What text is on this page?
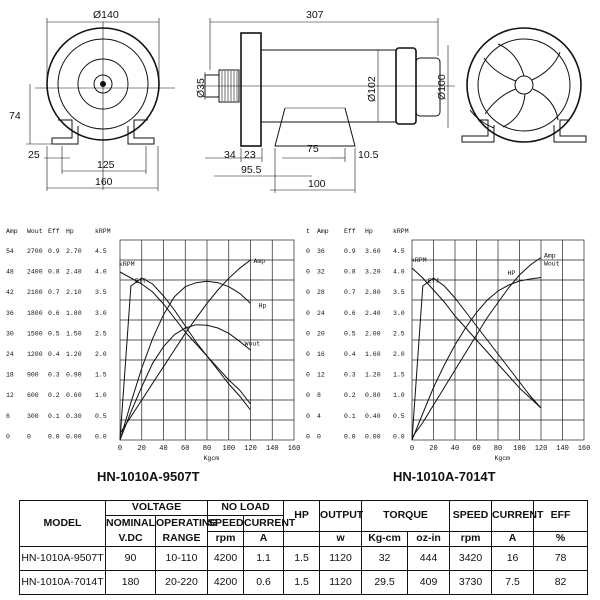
Ø140
74
25
125
160
307
Ø35	Ø102	Ø100
34 23	75	10.5
95.5
100
Amp Wout Eff Hp	kRPM
54 2700 0.9 2.70 4.5
48 2400 0.8 2.40 4.0
42 2100 0.7 2.10 3.5
36 1800 0.6 1.80 3.0
30 1500 0.5 1.50 2.5
24 1200 0.4 1.20 2.0
18 900 0.3 0.90 1.5
12 600 0.2 0.60 1.0
6	300 0.1 0.30 0.5
0	0	0.0 0.00 0.0
0 20 40 60 80 100 120 140 160
Kgcm
kRPM
Eff
Amp
Hp
Wout
HN-1010A-9507T
t Amp Eff Hp	kRPM
0 36	0.9 3.60 4.5
0 32	0.8 3.20 4.0
0 28	0.7 2.80 3.5
0 24	0.6 2.40 3.0
0 20	0.5 2.00 2.5
0 16	0.4 1.60 2.0
0 12	0.3 1.20 1.5
0 8	0.2 0.80 1.0
0 4	0.1 0.40 0.5
0 0	0.0 0.00 0.0
0 20 40 60 80 100 120 140 160
Kgcm
kRPM
Eff
Amp
HP
Wout
HN-1010A-7014T
MODEL	VOLTAGE		NO LOAD		HP	OUTPUT	TORQUE		SPEED	CURRENT	EFF
	NOMINAL	OPERATING	SPEED	CURRENT							
	V.DC	RANGE	rpm	A		w	Kg-cm	oz-in	rpm	A	%
HN-1010A-9507T	90	10-110	4200	1.1	1.5	1120	32	444	3420	16	78
HN-1010A-7014T	180	20-220	4200	0.6	1.5	1120	29.5	409	3730	7.5	82
